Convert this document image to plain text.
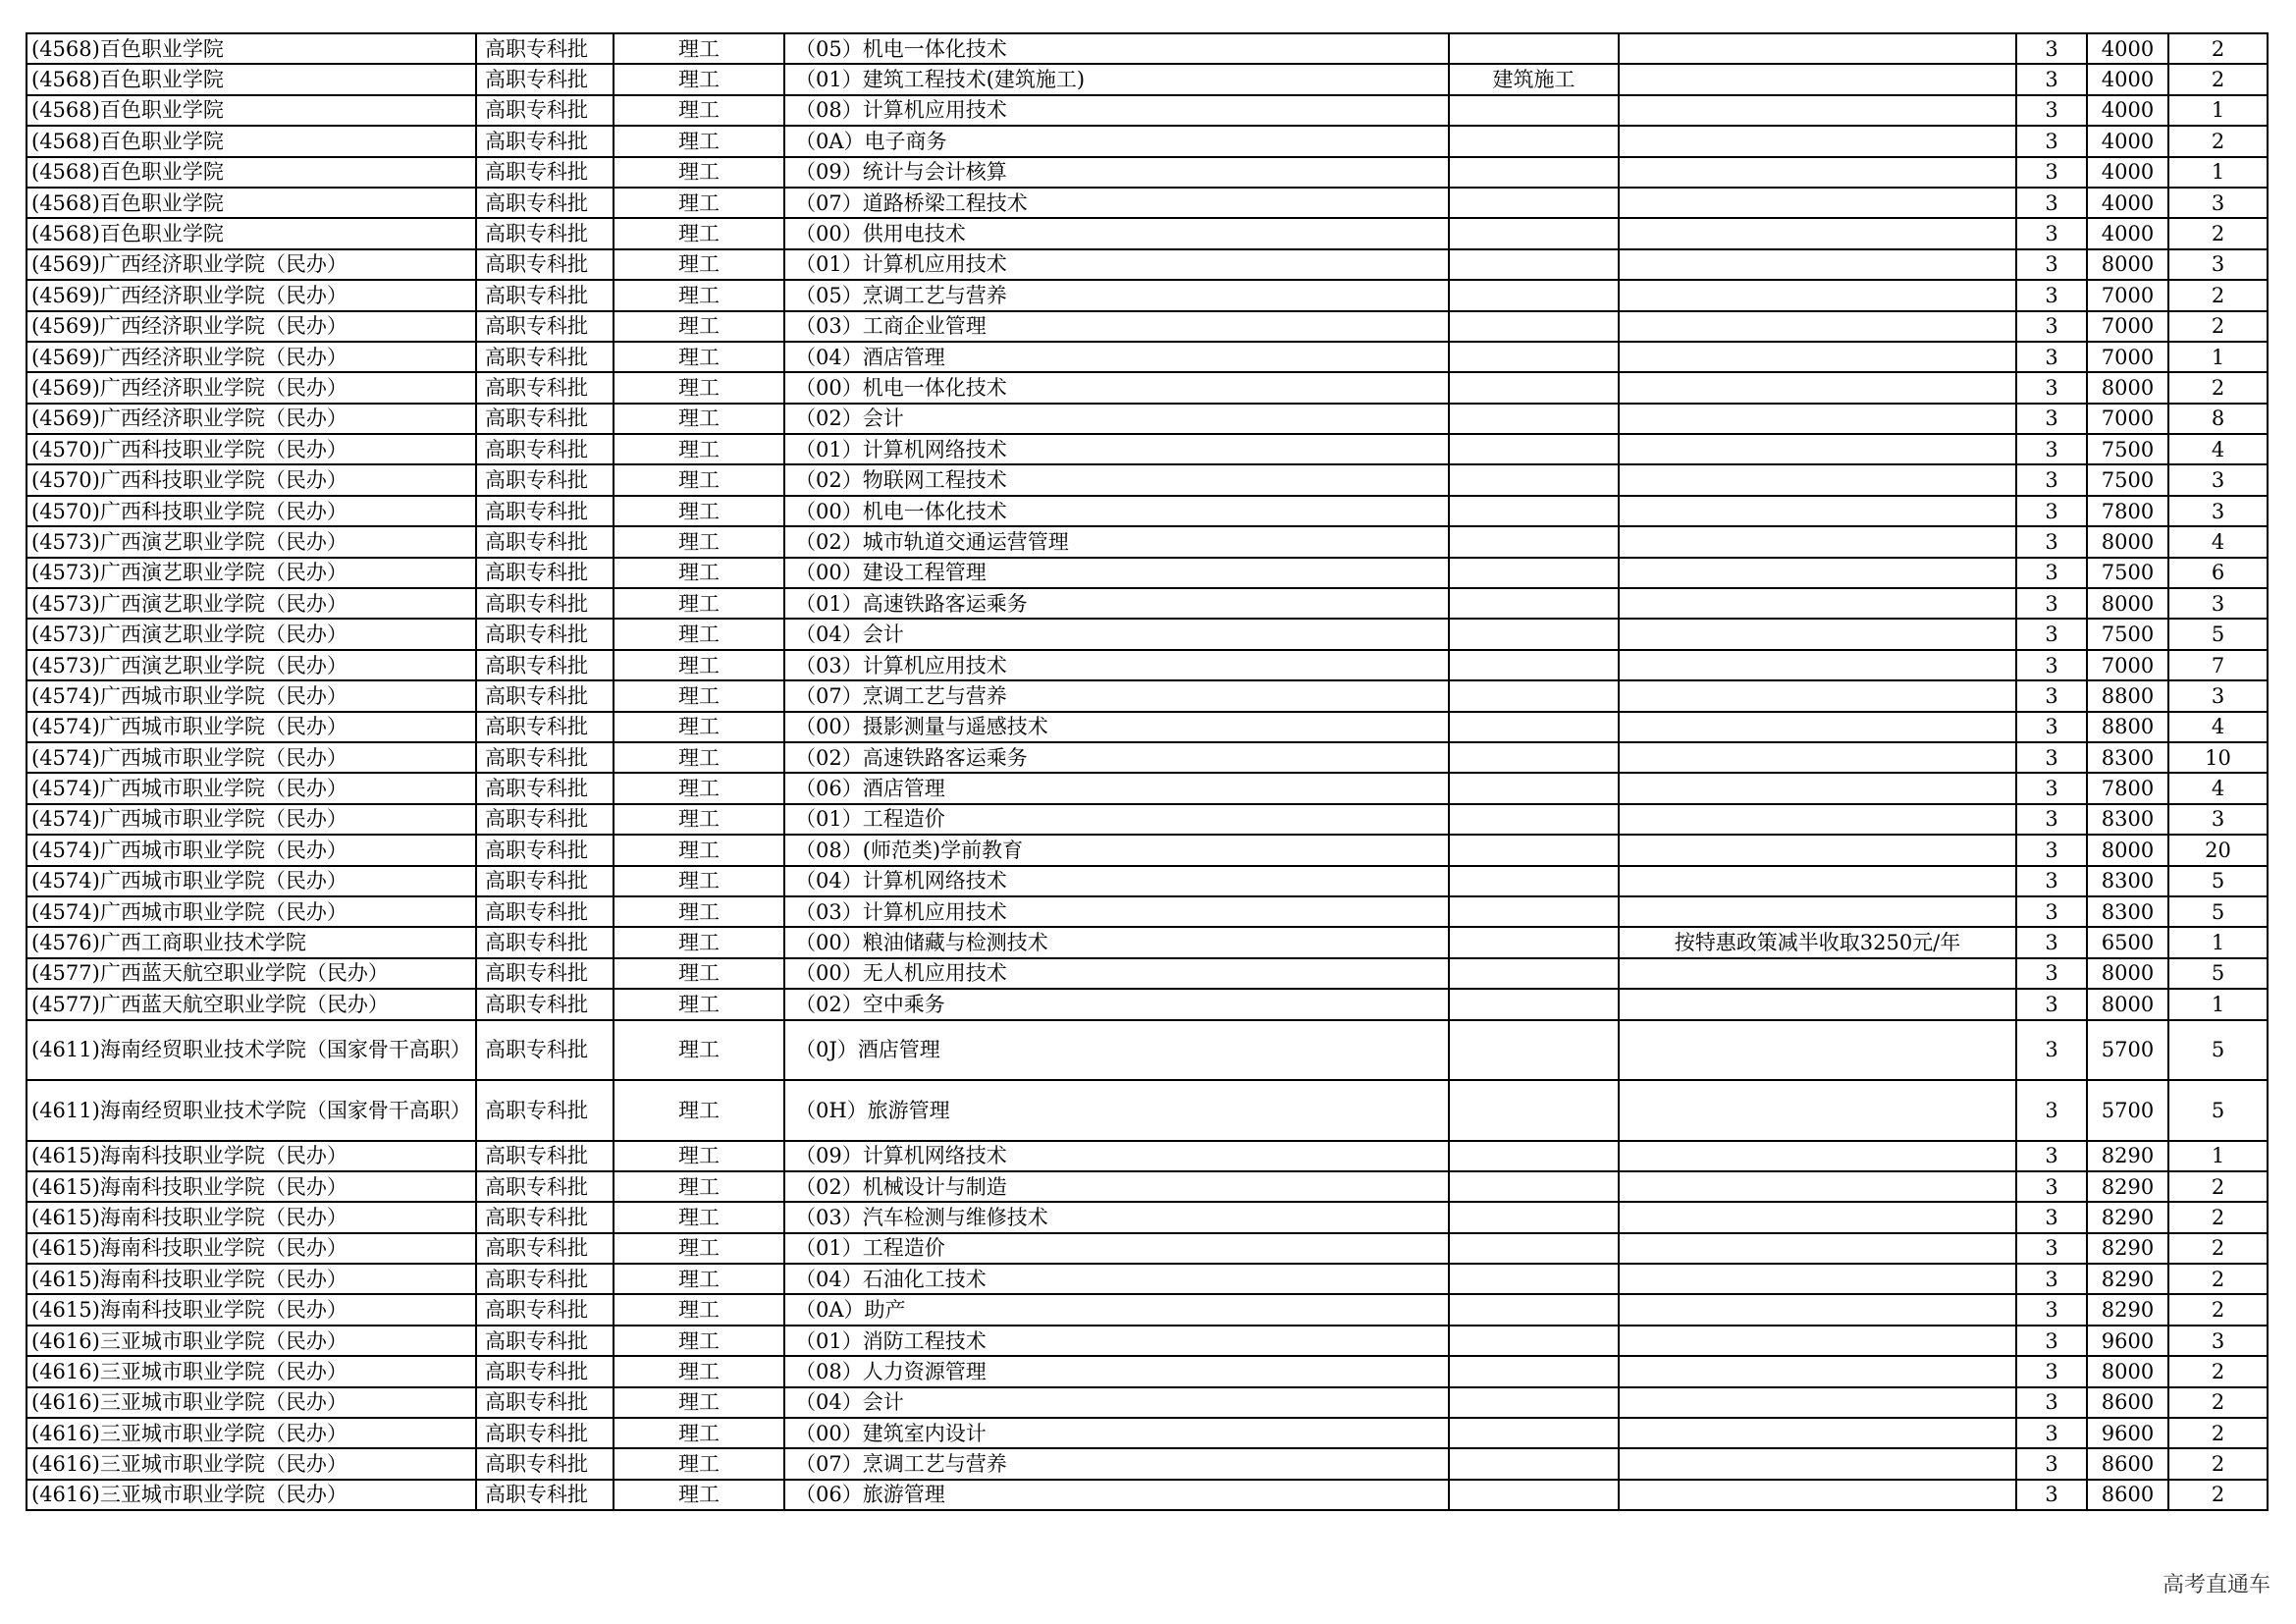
(4568)百色职业学院	高职专科批	理工	（05）机电一体化技术			3	4000	2
(4568)百色职业学院	高职专科批	理工	（01）建筑工程技术(建筑施工)	建筑施工		3	4000	2
(4568)百色职业学院	高职专科批	理工	（08）计算机应用技术			3	4000	1
(4568)百色职业学院	高职专科批	理工	（0A）电子商务			3	4000	2
(4568)百色职业学院	高职专科批	理工	（09）统计与会计核算			3	4000	1
(4568)百色职业学院	高职专科批	理工	（07）道路桥梁工程技术			3	4000	3
(4568)百色职业学院	高职专科批	理工	（00）供用电技术			3	4000	2
(4569)广西经济职业学院（民办）	高职专科批	理工	（01）计算机应用技术			3	8000	3
(4569)广西经济职业学院（民办）	高职专科批	理工	（05）烹调工艺与营养			3	7000	2
(4569)广西经济职业学院（民办）	高职专科批	理工	（03）工商企业管理			3	7000	2
(4569)广西经济职业学院（民办）	高职专科批	理工	（04）酒店管理			3	7000	1
(4569)广西经济职业学院（民办）	高职专科批	理工	（00）机电一体化技术			3	8000	2
(4569)广西经济职业学院（民办）	高职专科批	理工	（02）会计			3	7000	8
(4570)广西科技职业学院（民办）	高职专科批	理工	（01）计算机网络技术			3	7500	4
(4570)广西科技职业学院（民办）	高职专科批	理工	（02）物联网工程技术			3	7500	3
(4570)广西科技职业学院（民办）	高职专科批	理工	（00）机电一体化技术			3	7800	3
(4573)广西演艺职业学院（民办）	高职专科批	理工	（02）城市轨道交通运营管理			3	8000	4
(4573)广西演艺职业学院（民办）	高职专科批	理工	（00）建设工程管理			3	7500	6
(4573)广西演艺职业学院（民办）	高职专科批	理工	（01）高速铁路客运乘务			3	8000	3
(4573)广西演艺职业学院（民办）	高职专科批	理工	（04）会计			3	7500	5
(4573)广西演艺职业学院（民办）	高职专科批	理工	（03）计算机应用技术			3	7000	7
(4574)广西城市职业学院（民办）	高职专科批	理工	（07）烹调工艺与营养			3	8800	3
(4574)广西城市职业学院（民办）	高职专科批	理工	（00）摄影测量与遥感技术			3	8800	4
(4574)广西城市职业学院（民办）	高职专科批	理工	（02）高速铁路客运乘务			3	8300	10
(4574)广西城市职业学院（民办）	高职专科批	理工	（06）酒店管理			3	7800	4
(4574)广西城市职业学院（民办）	高职专科批	理工	（01）工程造价			3	8300	3
(4574)广西城市职业学院（民办）	高职专科批	理工	（08）(师范类)学前教育			3	8000	20
(4574)广西城市职业学院（民办）	高职专科批	理工	（04）计算机网络技术			3	8300	5
(4574)广西城市职业学院（民办）	高职专科批	理工	（03）计算机应用技术			3	8300	5
(4576)广西工商职业技术学院	高职专科批	理工	（00）粮油储藏与检测技术		按特惠政策减半收取3250元/年	3	6500	1
(4577)广西蓝天航空职业学院（民办）	高职专科批	理工	（00）无人机应用技术			3	8000	5
(4577)广西蓝天航空职业学院（民办）	高职专科批	理工	（02）空中乘务			3	8000	1
(4611)海南经贸职业技术学院（国家骨干高职）	高职专科批	理工	（0J）酒店管理			3	5700	5
(4611)海南经贸职业技术学院（国家骨干高职）	高职专科批	理工	（0H）旅游管理			3	5700	5
(4615)海南科技职业学院（民办）	高职专科批	理工	（09）计算机网络技术			3	8290	1
(4615)海南科技职业学院（民办）	高职专科批	理工	（02）机械设计与制造			3	8290	2
(4615)海南科技职业学院（民办）	高职专科批	理工	（03）汽车检测与维修技术			3	8290	2
(4615)海南科技职业学院（民办）	高职专科批	理工	（01）工程造价			3	8290	2
(4615)海南科技职业学院（民办）	高职专科批	理工	（04）石油化工技术			3	8290	2
(4615)海南科技职业学院（民办）	高职专科批	理工	（0A）助产			3	8290	2
(4616)三亚城市职业学院（民办）	高职专科批	理工	（01）消防工程技术			3	9600	3
(4616)三亚城市职业学院（民办）	高职专科批	理工	（08）人力资源管理			3	8000	2
(4616)三亚城市职业学院（民办）	高职专科批	理工	（04）会计			3	8600	2
(4616)三亚城市职业学院（民办）	高职专科批	理工	（00）建筑室内设计			3	9600	2
(4616)三亚城市职业学院（民办）	高职专科批	理工	（07）烹调工艺与营养			3	8600	2
(4616)三亚城市职业学院（民办）	高职专科批	理工	（06）旅游管理			3	8600	2
高考直通车
